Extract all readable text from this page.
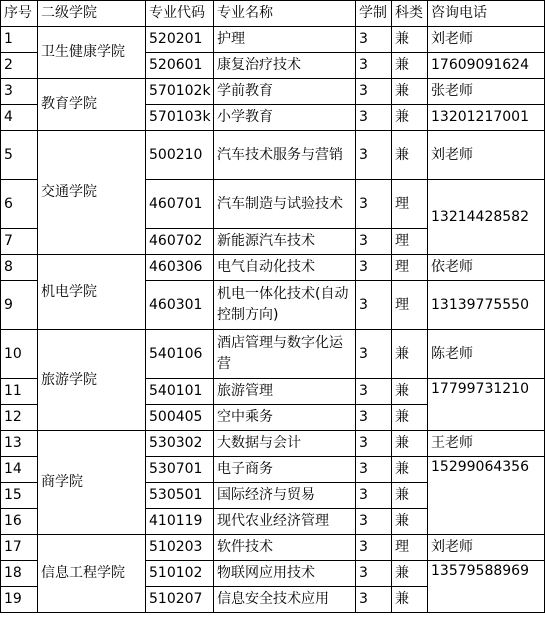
序号	二级学院	专业代码	专业名称	学制	科类	咨询电话
1	卫生健康学院	520201	护理	3	兼	刘老师
2		520601	康复治疗技术	3	兼	17609091624
3	教育学院	570102k	学前教育	3	兼	张老师
4		570103k	小学教育	3	兼	13201217001
5	交通学院	500210	汽车技术服务与营销	3	兼	刘老师
6		460701	汽车制造与试验技术	3	理	13214428582
7		460702	新能源汽车技术	3	理	
8	机电学院	460306	电气自动化技术	3	理	依老师
9		460301	机电一体化技术(自动控制方向)	3	理	13139775550
10	旅游学院	540106	酒店管理与数字化运营	3	兼	陈老师
11		540101	旅游管理	3	兼	17799731210
12		500405	空中乘务	3	兼	
13	商学院	530302	大数据与会计	3	兼	王老师
14		530701	电子商务	3	兼	15299064356
15		530501	国际经济与贸易	3	兼	
16		410119	现代农业经济管理	3	兼	
17	信息工程学院	510203	软件技术	3	理	刘老师
18		510102	物联网应用技术	3	兼	13579588969
19		510207	信息安全技术应用	3	兼	
